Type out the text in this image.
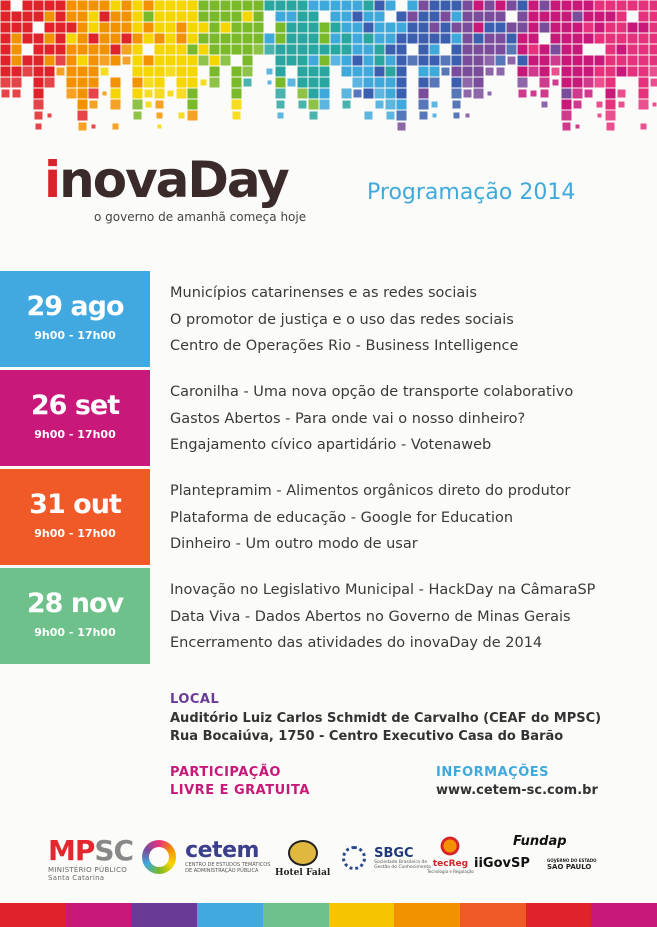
inovaDay
o governo de amanhã começa hoje
Programação 2014
29 ago
9h00 - 17h00
Municípios catarinenses e as redes sociais
O promotor de justiça e o uso das redes sociais
Centro de Operações Rio - Business Intelligence
26 set
9h00 - 17h00
Caronilha - Uma nova opção de transporte colaborativo
Gastos Abertos - Para onde vai o nosso dinheiro?
Engajamento cívico apartidário - Votenaweb
31 out
9h00 - 17h00
Plantepramim - Alimentos orgânicos direto do produtor
Plataforma de educação - Google for Education
Dinheiro - Um outro modo de usar
28 nov
9h00 - 17h00
Inovação no Legislativo Municipal - HackDay na CâmaraSP
Data Viva - Dados Abertos no Governo de Minas Gerais
Encerramento das atividades do inovaDay de 2014
LOCAL
Auditório Luiz Carlos Schmidt de Carvalho (CEAF do MPSC)
Rua Bocaiúva, 1750 - Centro Executivo Casa do Barão
PARTICIPAÇÃO
LIVRE E GRATUITA
INFORMAÇÕES
www.cetem-sc.com.br
MPSC
MINISTÉRIO PÚBLICO
Santa Catarina

cetem
CENTRO DE ESTUDOS TEMÁTICOS
DE ADMINISTRAÇÃO PÚBLICA	Hotel Faial

SBGC
Sociedade Brasileira de
Gestão do Conhecimento tecReg
Tecnologia e Regulação
Fundap
iiGovSP	GOVERNO DO ESTADO
SÃO PAULO
